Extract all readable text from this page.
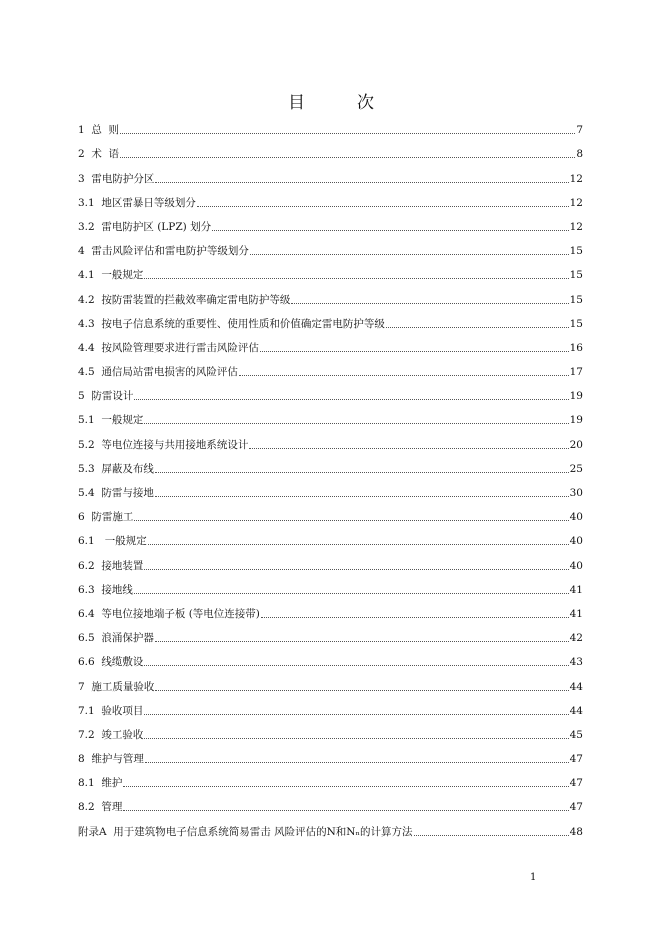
目	次
1 总  则	7
2 术  语	8
3 雷电防护分区	12
3.1 地区雷暴日等级划分	12
3.2 雷电防护区 (LPZ) 划分	12
4 雷击风险评估和雷电防护等级划分	15
4.1 一般规定	15
4.2 按防雷装置的拦截效率确定雷电防护等级	15
4.3 按电子信息系统的重要性、使用性质和价值确定雷电防护等级	15
4.4 按风险管理要求进行雷击风险评估	16
4.5 通信局站雷电损害的风险评估	17
5 防雷设计	19
5.1 一般规定	19
5.2 等电位连接与共用接地系统设计	20
5.3 屏蔽及布线	25
5.4 防雷与接地	30
6 防雷施工	40
6.1 一般规定	40
6.2 接地装置	40
6.3 接地线	41
6.4 等电位接地端子板 (等电位连接带)	41
6.5 浪涌保护器	42
6.6 线缆敷设	43
7 施工质量验收	44
7.1 验收项目	44
7.2 竣工验收	45
8 维护与管理	47
8.1 维护	47
8.2 管理	47
附录A 用于建筑物电子信息系统简易雷击 风险评估的N和Nₙ的计算方法	48
1
